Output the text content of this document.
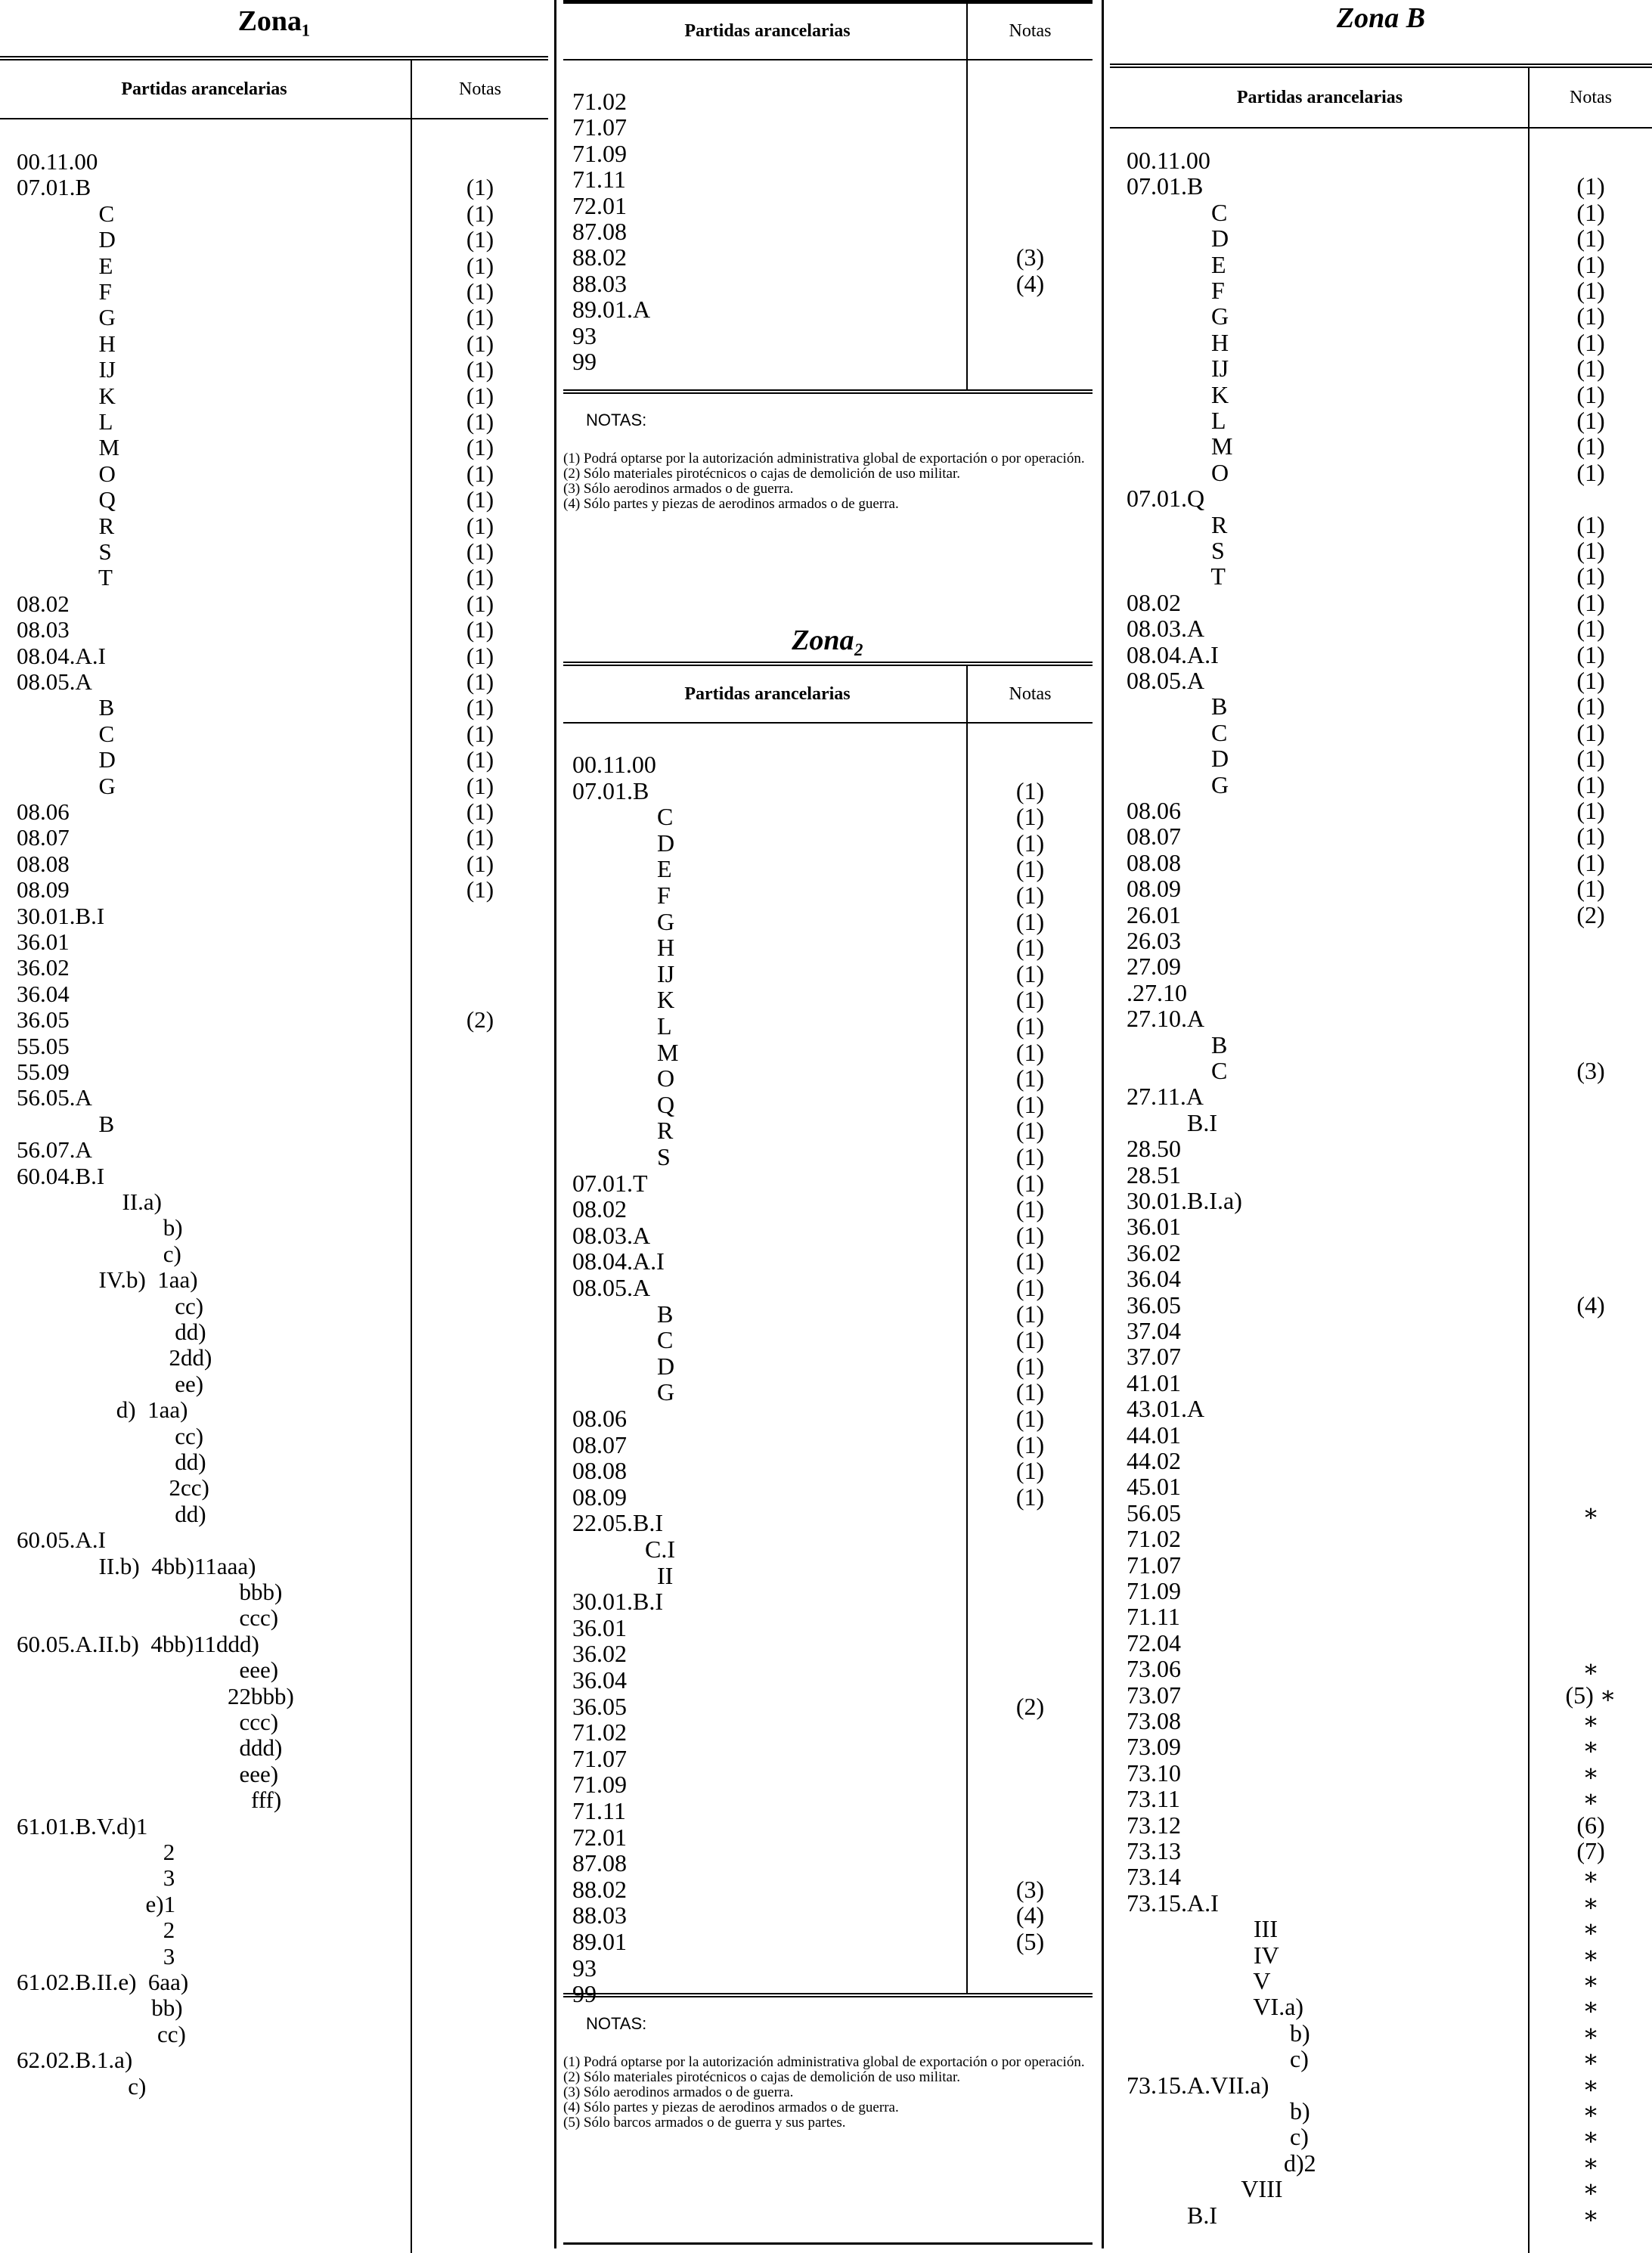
Zona₁
Partidas arancelarias	Notas
00.11.00
07.01.B	(1)
C	(1)
D	(1)
E	(1)
F	(1)
G	(1)
H	(1)
IJ	(1)
K	(1)
L	(1)
M	(1)
O	(1)
Q	(1)
R	(1)
S	(1)
T	(1)
08.02	(1)
08.03	(1)
08.04.A.I	(1)
08.05.A	(1)
B	(1)
C	(1)
D	(1)
G	(1)
08.06	(1)
08.07	(1)
08.08	(1)
08.09	(1)
30.01.B.I
36.01
36.02
36.04
36.05	(2)
55.05
55.09
56.05.A
B
56.07.A
60.04.B.I
II.a)
b)
c)
IV.b)  1aa)
cc)
dd)
2dd)
ee)
d)  1aa)
cc)
dd)
2cc)
dd)
60.05.A.I
II.b)  4bb)11aaa)
bbb)
ccc)
60.05.A.II.b)  4bb)11ddd)
eee)
22bbb)
ccc)
ddd)
eee)
fff)
61.01.B.V.d)1
2
3
e)1
2
3
61.02.B.II.e)  6aa)
bb)
cc)
62.02.B.1.a)
c)
Partidas arancelarias	Notas
71.02
71.07
71.09
71.11
72.01
87.08
88.02	(3)
88.03	(4)
89.01.A
93
99
NOTAS:
(1) Podrá optarse por la autorización administrativa global de exportación o por operación.
(2) Sólo materiales pirotécnicos o cajas de demolición de uso militar.
(3) Sólo aerodinos armados o de guerra.
(4) Sólo partes y piezas de aerodinos armados o de guerra.
Zona₂
Partidas arancelarias	Notas
00.11.00
07.01.B	(1)
C	(1)
D	(1)
E	(1)
F	(1)
G	(1)
H	(1)
IJ	(1)
K	(1)
L	(1)
M	(1)
O	(1)
Q	(1)
R	(1)
S	(1)
07.01.T	(1)
08.02	(1)
08.03.A	(1)
08.04.A.I	(1)
08.05.A	(1)
B	(1)
C	(1)
D	(1)
G	(1)
08.06	(1)
08.07	(1)
08.08	(1)
08.09	(1)
22.05.B.I
C.I
II
30.01.B.I
36.01
36.02
36.04
36.05	(2)
71.02
71.07
71.09
71.11
72.01
87.08
88.02	(3)
88.03	(4)
89.01	(5)
93
99
NOTAS:
(1) Podrá optarse por la autorización administrativa global de exportación o por operación.
(2) Sólo materiales pirotécnicos o cajas de demolición de uso militar.
(3) Sólo aerodinos armados o de guerra.
(4) Sólo partes y piezas de aerodinos armados o de guerra.
(5) Sólo barcos armados o de guerra y sus partes.
Zona B
Partidas arancelarias	Notas
00.11.00
07.01.B	(1)
C	(1)
D	(1)
E	(1)
F	(1)
G	(1)
H	(1)
IJ	(1)
K	(1)
L	(1)
M	(1)
O	(1)
07.01.Q
R	(1)
S	(1)
T	(1)
08.02	(1)
08.03.A	(1)
08.04.A.I	(1)
08.05.A	(1)
B	(1)
C	(1)
D	(1)
G	(1)
08.06	(1)
08.07	(1)
08.08	(1)
08.09	(1)
26.01	(2)
26.03
27.09
.27.10
27.10.A
B
C	(3)
27.11.A
B.I
28.50
28.51
30.01.B.I.a)
36.01
36.02
36.04
36.05	(4)
37.04
37.07
41.01
43.01.A
44.01
44.02
45.01
56.05	∗
71.02
71.07
71.09
71.11
72.04
73.06	∗
73.07	(5) ∗
73.08	∗
73.09	∗
73.10	∗
73.11	∗
73.12	(6)
73.13	(7)
73.14	∗
73.15.A.I	∗
III	∗
IV	∗
V	∗
VI.a)	∗
b)	∗
c)	∗
73.15.A.VII.a)	∗
b)	∗
c)	∗
d)2	∗
VIII	∗
B.I	∗
